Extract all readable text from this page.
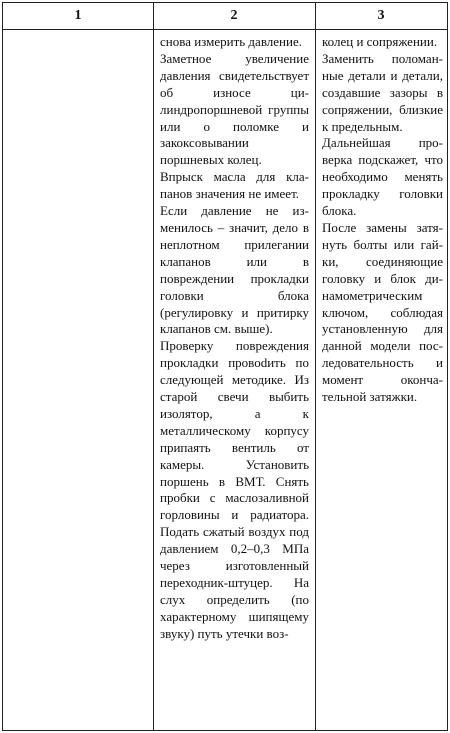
1	2	3

снова измерить давление.

Заметное увеличение давления свидетельствует об износе цилиндропоршневой группы или о поломке и закоксовывании поршневых колец.

Впрыск масла для клапанов значения не имеет.

Если давление не изменилось – значит, дело в неплотном прилегании клапанов или в повреждении прокладки головки блока (регулировку и притирку клапанов см. выше).

Проверку повреждения прокладки провоdить по следующей методике. Из старой свечи выбить изолятор, а к металлическому корпусу припаять вентиль от камеры. Установить поршень в ВМТ. Снять пробки с маслозаливной горловины и радиатора. Подать сжатый воздух под давлением 0,2–0,3 МПа через изготовленный переходник-штуцер. На слух определить (по характерному шипящему звуку) путь утечки воз-

колец и сопряжении.

Заменить поломанные детали и детали, создавшие зазоры в сопряжении, близкие к предельным.

Дальнейшая проверка подскажет, что необходимо менять прокладку головки блока.

После замены затянуть болты или гайки, соединяющие головку и блок динамометрическим ключом, соблюдая установленную для данной модели последовательность и момент окончательной затяжки.
